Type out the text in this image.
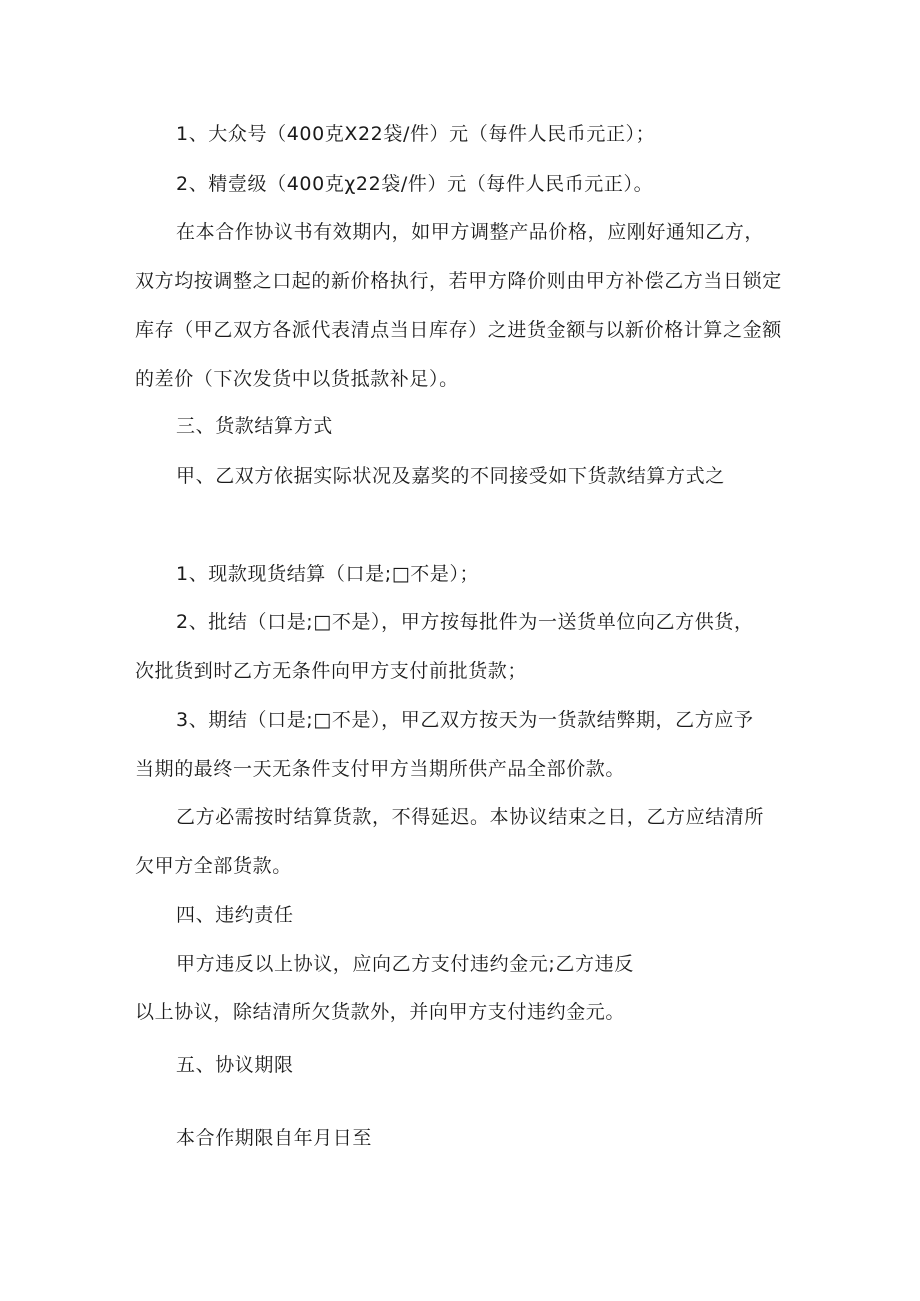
1、大众号（400克X22袋/件）元（每件人民币元正）；
2、精壹级（400克χ22袋/件）元（每件人民币元正）。
在本合作协议书有效期内，如甲方调整产品价格，应刚好通知乙方，
双方均按调整之口起的新价格执行，若甲方降价则由甲方补偿乙方当日锁定
库存（甲乙双方各派代表清点当日库存）之进货金额与以新价格计算之金额
的差价（下次发货中以货抵款补足）。
三、货款结算方式
甲、乙双方依据实际状况及嘉奖的不同接受如下货款结算方式之
1、现款现货结算（口是;□不是）；
2、批结（口是;□不是），甲方按每批件为一送货单位向乙方供货，
次批货到时乙方无条件向甲方支付前批货款；
3、期结（口是;□不是），甲乙双方按天为一货款结弊期，乙方应予
当期的最终一天无条件支付甲方当期所供产品全部价款。
乙方必需按时结算货款，不得延迟。本协议结束之日，乙方应结清所
欠甲方全部货款。
四、违约责任
甲方违反以上协议，应向乙方支付违约金元;乙方违反
以上协议，除结清所欠货款外，并向甲方支付违约金元。
五、协议期限
本合作期限自年月日至
